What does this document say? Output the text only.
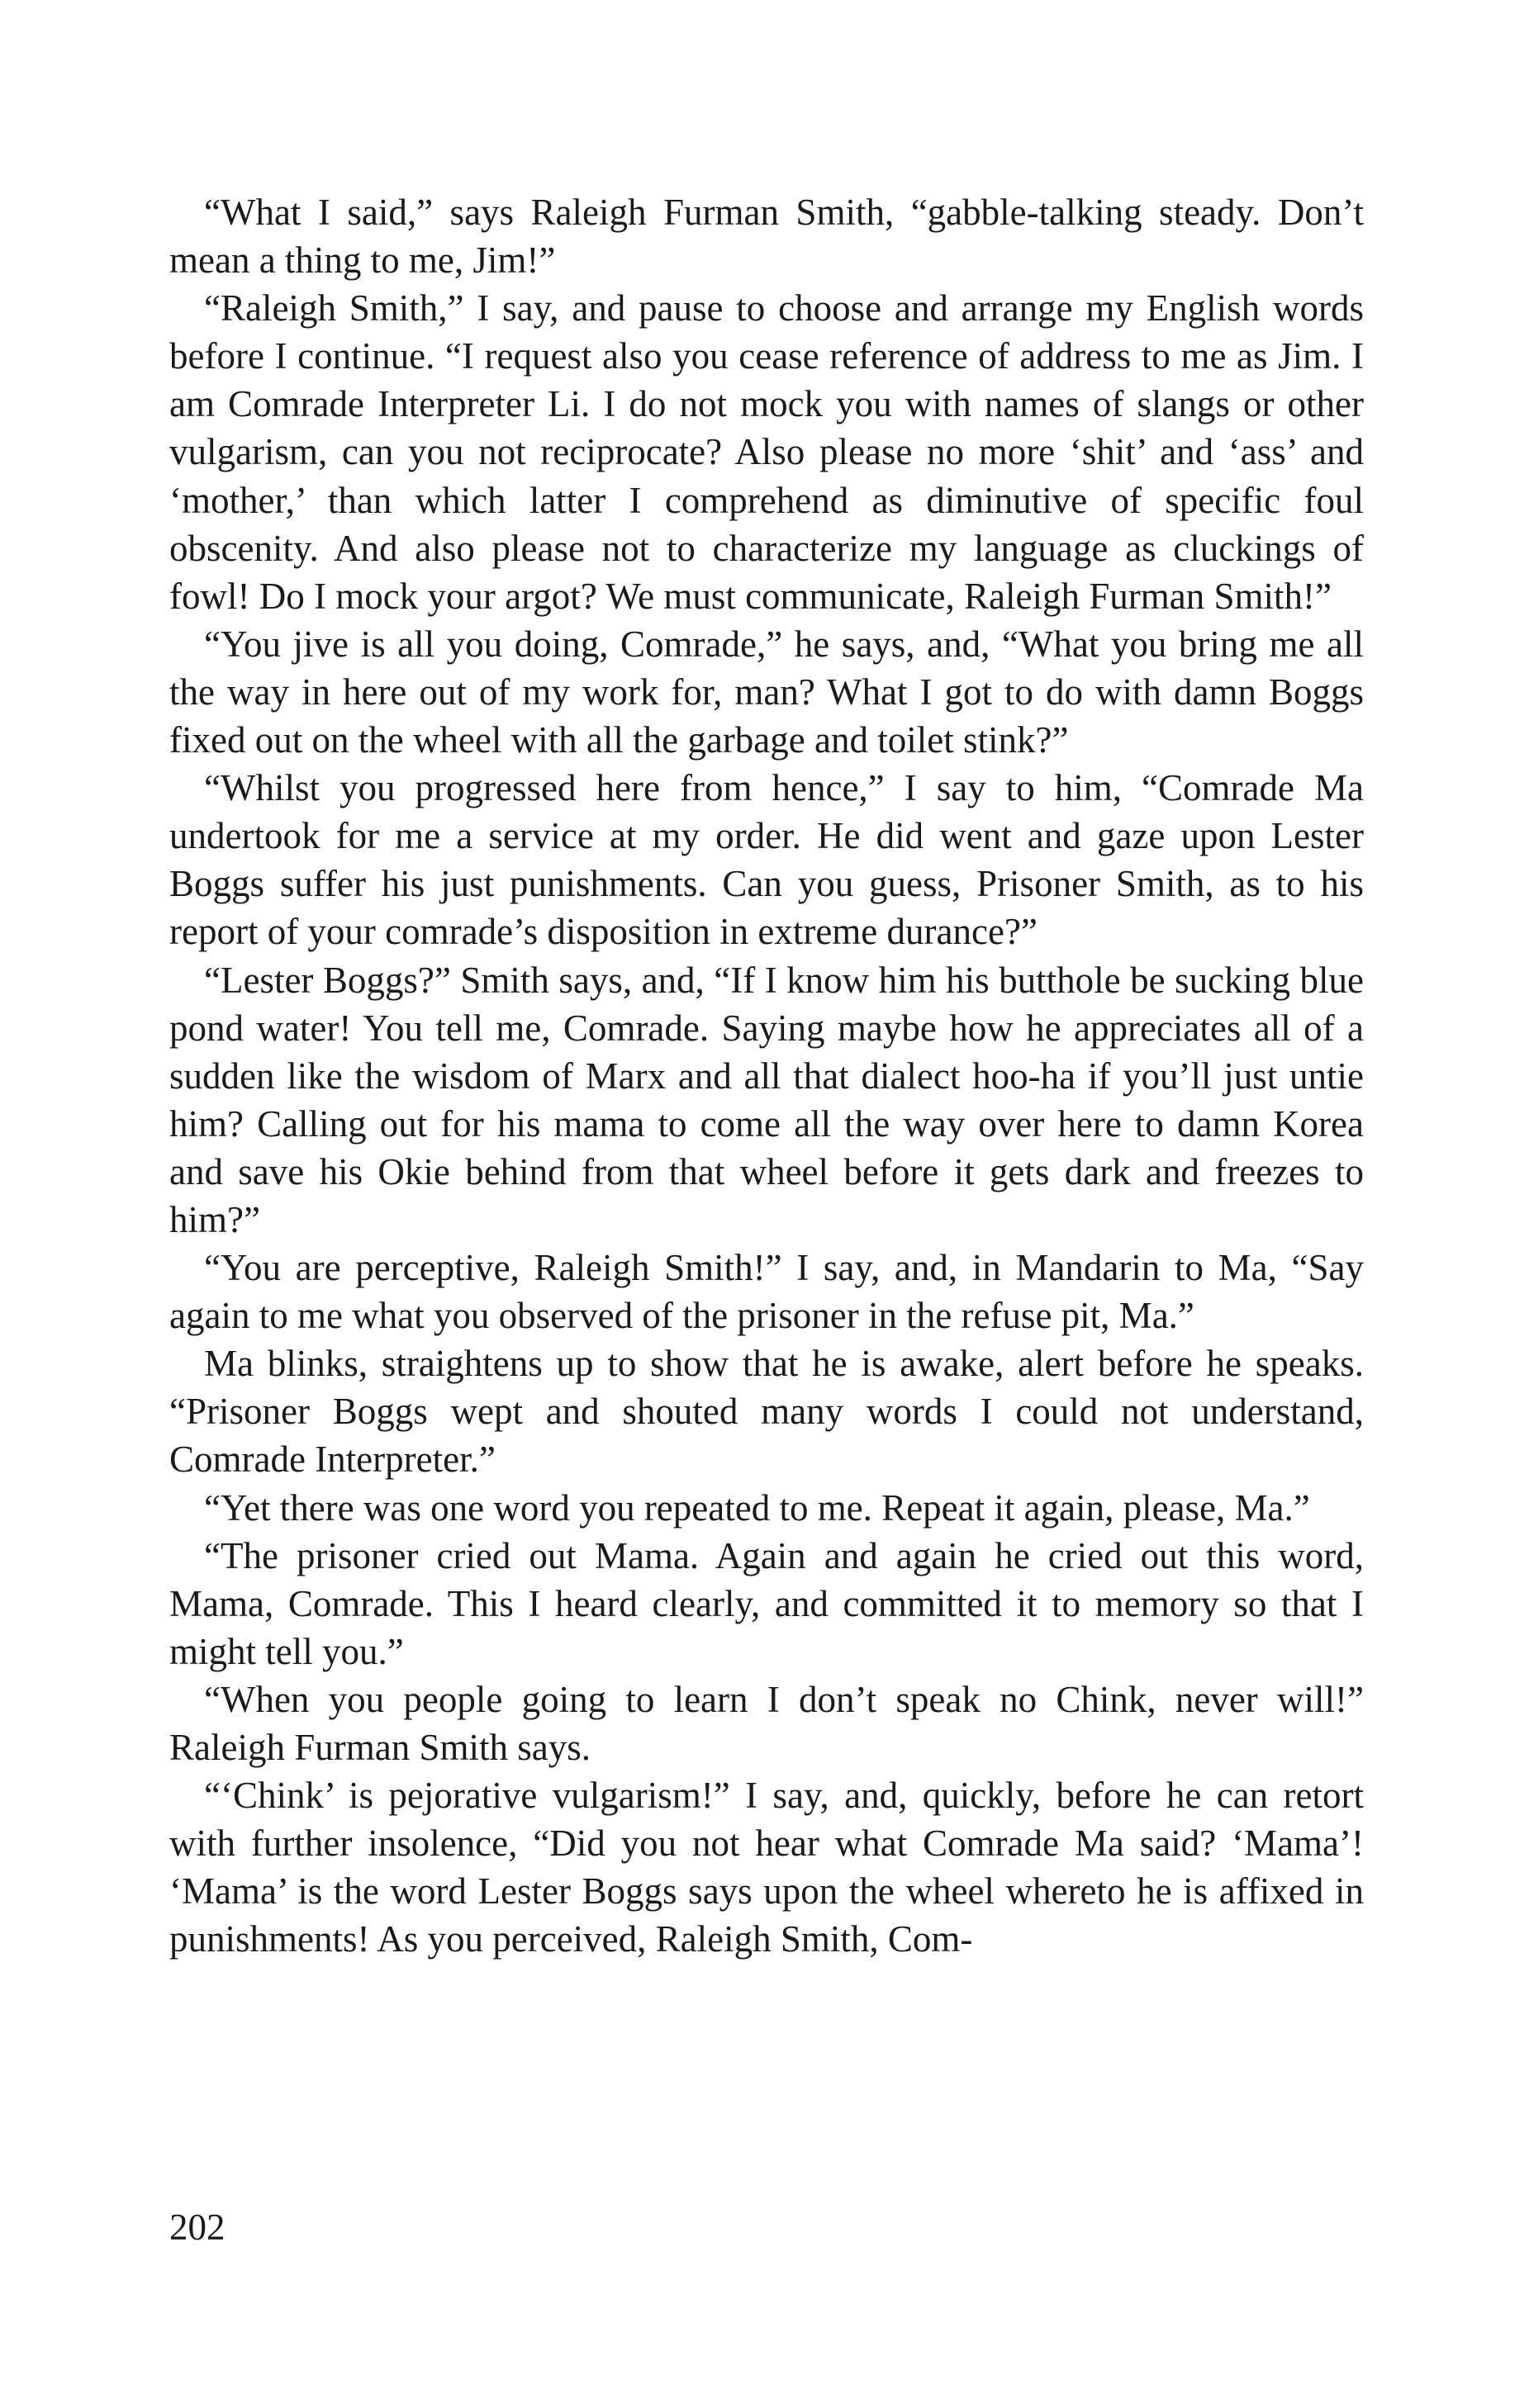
“What I said,” says Raleigh Furman Smith, “gabble-talking steady. Don’t mean a thing to me, Jim!”

“Raleigh Smith,” I say, and pause to choose and arrange my English words before I continue. “I request also you cease reference of address to me as Jim. I am Comrade Interpreter Li. I do not mock you with names of slangs or other vulgarism, can you not reciprocate? Also please no more ‘shit’ and ‘ass’ and ‘mother,’ than which latter I comprehend as diminutive of specific foul obscenity. And also please not to characterize my language as cluckings of fowl! Do I mock your argot? We must communicate, Raleigh Furman Smith!”

“You jive is all you doing, Comrade,” he says, and, “What you bring me all the way in here out of my work for, man? What I got to do with damn Boggs fixed out on the wheel with all the garbage and toilet stink?”

“Whilst you progressed here from hence,” I say to him, “Comrade Ma undertook for me a service at my order. He did went and gaze upon Lester Boggs suffer his just punishments. Can you guess, Prisoner Smith, as to his report of your comrade’s disposition in extreme durance?”

“Lester Boggs?” Smith says, and, “If I know him his butthole be sucking blue pond water! You tell me, Comrade. Saying maybe how he appreciates all of a sudden like the wisdom of Marx and all that dialect hoo-ha if you’ll just untie him? Calling out for his mama to come all the way over here to damn Korea and save his Okie behind from that wheel before it gets dark and freezes to him?”

“You are perceptive, Raleigh Smith!” I say, and, in Mandarin to Ma, “Say again to me what you observed of the prisoner in the refuse pit, Ma.”

Ma blinks, straightens up to show that he is awake, alert before he speaks. “Prisoner Boggs wept and shouted many words I could not understand, Comrade Interpreter.”

“Yet there was one word you repeated to me. Repeat it again, please, Ma.”

“The prisoner cried out Mama. Again and again he cried out this word, Mama, Comrade. This I heard clearly, and committed it to memory so that I might tell you.”

“When you people going to learn I don’t speak no Chink, never will!” Raleigh Furman Smith says.

“‘Chink’ is pejorative vulgarism!” I say, and, quickly, before he can retort with further insolence, “Did you not hear what Comrade Ma said? ‘Mama’! ‘Mama’ is the word Lester Boggs says upon the wheel whereto he is affixed in punishments! As you perceived, Raleigh Smith, Com-

202
